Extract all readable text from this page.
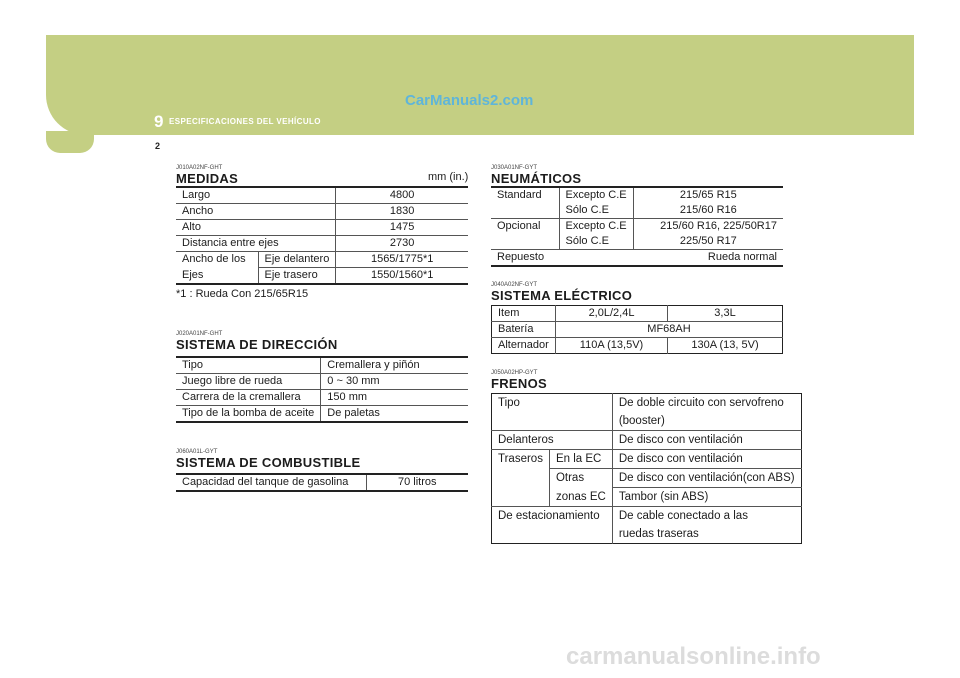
CarManuals2.com
9 ESPECIFICACIONES DEL VEHÍCULO
2
J010A02NF-GHT
MEDIDAS	mm (in.)
Largo		4800
Ancho		1830
Alto		1475
Distancia entre ejes		2730
Ancho de los	Eje delantero	1565/1775*1
Ejes	Eje trasero	1550/1560*1
*1 : Rueda Con 215/65R15
J020A01NF-GHT
SISTEMA DE DIRECCIÓN
Tipo	Cremallera y piñón
Juego libre de rueda	0 ~ 30 mm
Carrera de la cremallera	150 mm
Tipo de la bomba de aceite	De paletas
J060A01L-GYT
SISTEMA DE COMBUSTIBLE
Capacidad del tanque de gasolina	70 litros
J030A01NF-GYT
NEUMÁTICOS
Standard	Excepto C.E	215/65 R15
	Sólo C.E	215/60 R16
Opcional	Excepto C.E	215/60 R16, 225/50R17
	Sólo C.E	225/50 R17
Repuesto		Rueda normal
J040A02NF-GYT
SISTEMA ELÉCTRICO
Item	2,0L/2,4L	3,3L
Batería	MF68AH	
Alternador	110A (13,5V)	130A (13, 5V)
J050A02HP-GYT
FRENOS
Tipo		De doble circuito con servofreno
		(booster)
Delanteros		De disco con ventilación
Traseros	En la EC	De disco con ventilación
	Otras	De disco con ventilación(con ABS)
	zonas EC	Tambor (sin ABS)
De estacionamiento		De cable conectado a las
		ruedas traseras
carmanualsonline.info
